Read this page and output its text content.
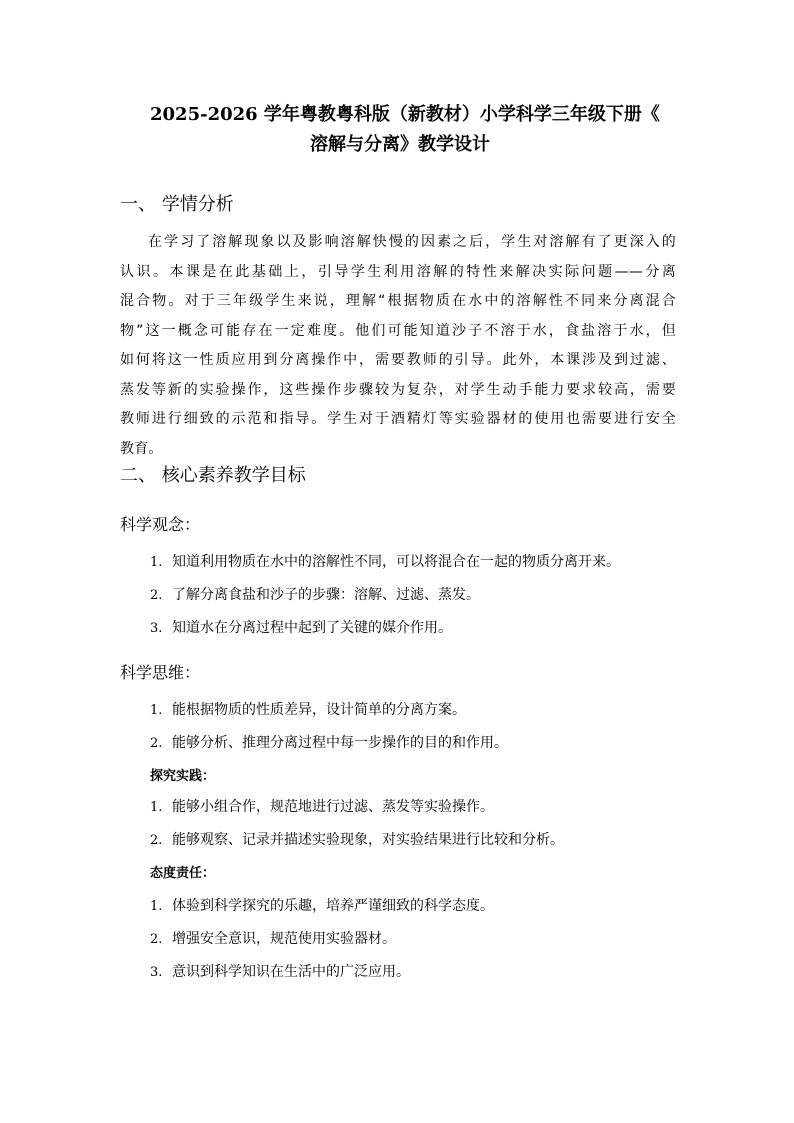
2025-2026 学年粤教粤科版（新教材）小学科学三年级下册《
溶解与分离》教学设计
一、 学情分析
在学习了溶解现象以及影响溶解快慢的因素之后，学生对溶解有了更深入的
认识。本课是在此基础上，引导学生利用溶解的特性来解决实际问题——分离
混合物。对于三年级学生来说，理解“根据物质在水中的溶解性不同来分离混合
物”这一概念可能存在一定难度。他们可能知道沙子不溶于水，食盐溶于水，但
如何将这一性质应用到分离操作中，需要教师的引导。此外，本课涉及到过滤、
蒸发等新的实验操作，这些操作步骤较为复杂，对学生动手能力要求较高，需要
教师进行细致的示范和指导。学生对于酒精灯等实验器材的使用也需要进行安全
教育。
二、 核心素养教学目标
科学观念：
1. 知道利用物质在水中的溶解性不同，可以将混合在一起的物质分离开来。
2. 了解分离食盐和沙子的步骤：溶解、过滤、蒸发。
3. 知道水在分离过程中起到了关键的媒介作用。
科学思维：
1. 能根据物质的性质差异，设计简单的分离方案。
2. 能够分析、推理分离过程中每一步操作的目的和作用。
探究实践：
1. 能够小组合作，规范地进行过滤、蒸发等实验操作。
2. 能够观察、记录并描述实验现象，对实验结果进行比较和分析。
态度责任：
1. 体验到科学探究的乐趣，培养严谨细致的科学态度。
2. 增强安全意识，规范使用实验器材。
3. 意识到科学知识在生活中的广泛应用。
